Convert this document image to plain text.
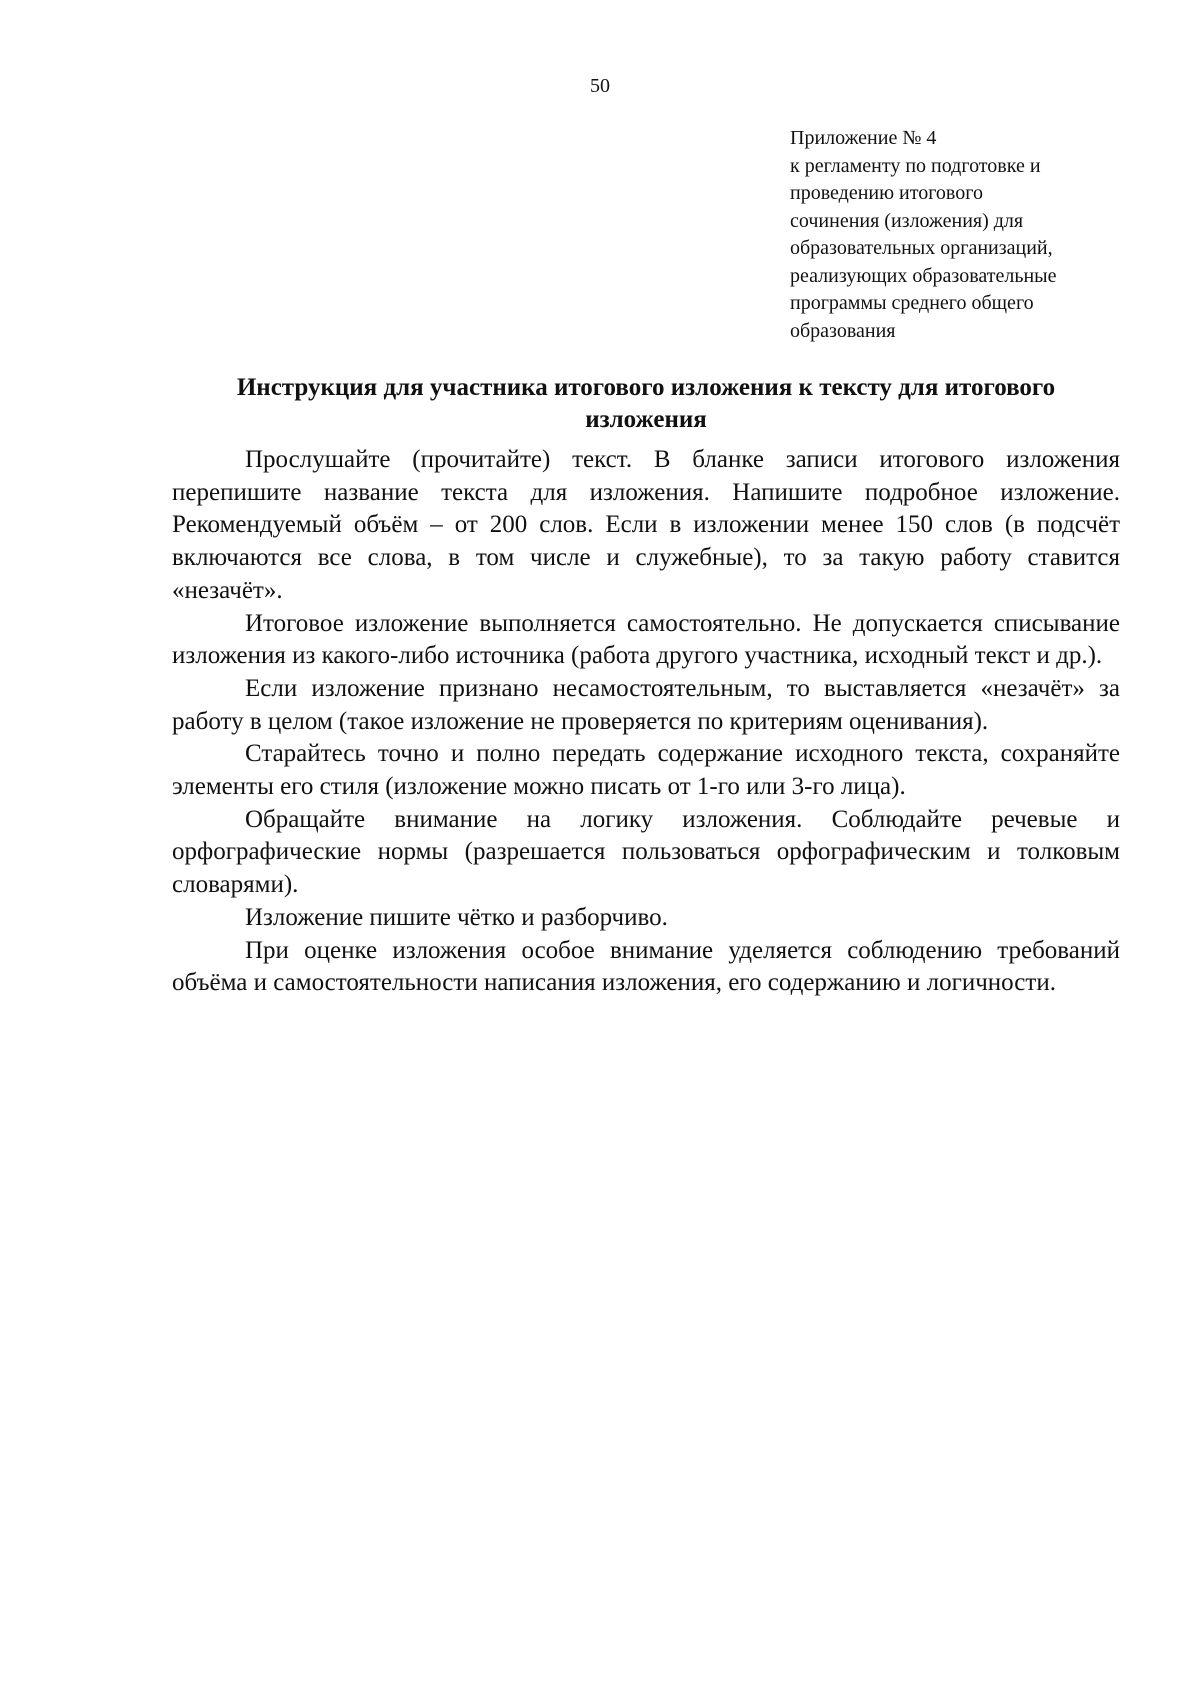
50
Приложение № 4
к регламенту по подготовке и
проведению итогового
сочинения (изложения) для
образовательных организаций,
реализующих образовательные
программы среднего общего
образования
Инструкция для участника итогового изложения к тексту для итогового
изложения

Прослушайте (прочитайте) текст. В бланке записи итогового изложения перепишите название текста для изложения. Напишите подробное изложение. Рекомендуемый объём – от 200 слов. Если в изложении менее 150 слов (в подсчёт включаются все слова, в том числе и служебные), то за такую работу ставится «незачёт».

Итоговое изложение выполняется самостоятельно. Не допускается списывание изложения из какого-либо источника (работа другого участника, исходный текст и др.).

Если изложение признано несамостоятельным, то выставляется «незачёт» за работу в целом (такое изложение не проверяется по критериям оценивания).

Старайтесь точно и полно передать содержание исходного текста, сохраняйте элементы его стиля (изложение можно писать от 1-го или 3-го лица).

Обращайте внимание на логику изложения. Соблюдайте речевые и орфографические нормы (разрешается пользоваться орфографическим и толковым словарями).

Изложение пишите чётко и разборчиво.

При оценке изложения особое внимание уделяется соблюдению требований объёма и самостоятельности написания изложения, его содержанию и логичности.
